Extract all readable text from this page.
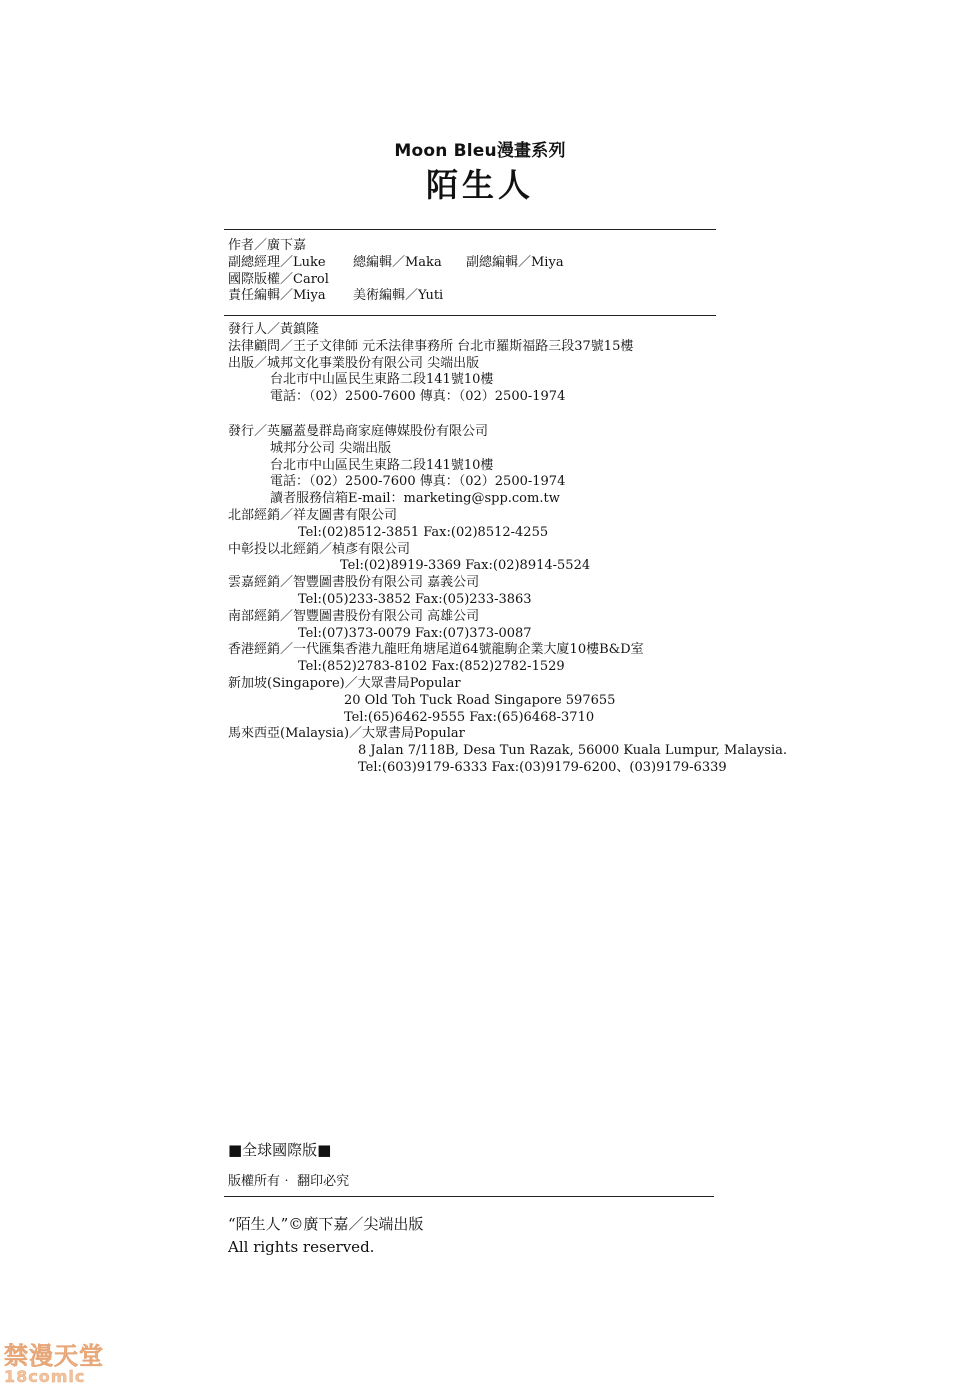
Moon Bleu漫畫系列
陌生人
作者／廣下嘉
副總經理／Luke 總編輯／Maka 副總編輯／Miya
國際版權／Carol
責任編輯／Miya 美術編輯／Yuti
發行人／黃鎮隆
法律顧問／王子文律師 元禾法律事務所 台北市羅斯福路三段37號15樓
出版／城邦文化事業股份有限公司 尖端出版
台北市中山區民生東路二段141號10樓
電話：（02）2500-7600 傳真：（02）2500-1974
發行／英屬蓋曼群島商家庭傳媒股份有限公司
城邦分公司 尖端出版
台北市中山區民生東路二段141號10樓
電話：（02）2500-7600 傳真：（02）2500-1974
讀者服務信箱E-mail：marketing@spp.com.tw
北部經銷／祥友圖書有限公司
Tel:(02)8512-3851 Fax:(02)8512-4255
中彰投以北經銷／楨彥有限公司
Tel:(02)8919-3369 Fax:(02)8914-5524
雲嘉經銷／智豐圖書股份有限公司 嘉義公司
Tel:(05)233-3852 Fax:(05)233-3863
南部經銷／智豐圖書股份有限公司 高雄公司
Tel:(07)373-0079 Fax:(07)373-0087
香港經銷／一代匯集香港九龍旺角塘尾道64號龍駒企業大廈10樓B&D室
Tel:(852)2783-8102 Fax:(852)2782-1529
新加坡(Singapore)／大眾書局Popular
20 Old Toh Tuck Road Singapore 597655
Tel:(65)6462-9555 Fax:(65)6468-3710
馬來西亞(Malaysia)／大眾書局Popular
8 Jalan 7/118B, Desa Tun Razak, 56000 Kuala Lumpur, Malaysia.
Tel:(603)9179-6333 Fax:(03)9179-6200、(03)9179-6339
■全球國際版■
版權所有‧ 翻印必究
“陌生人”©廣下嘉／尖端出版
All rights reserved.
禁漫天堂
18comic
